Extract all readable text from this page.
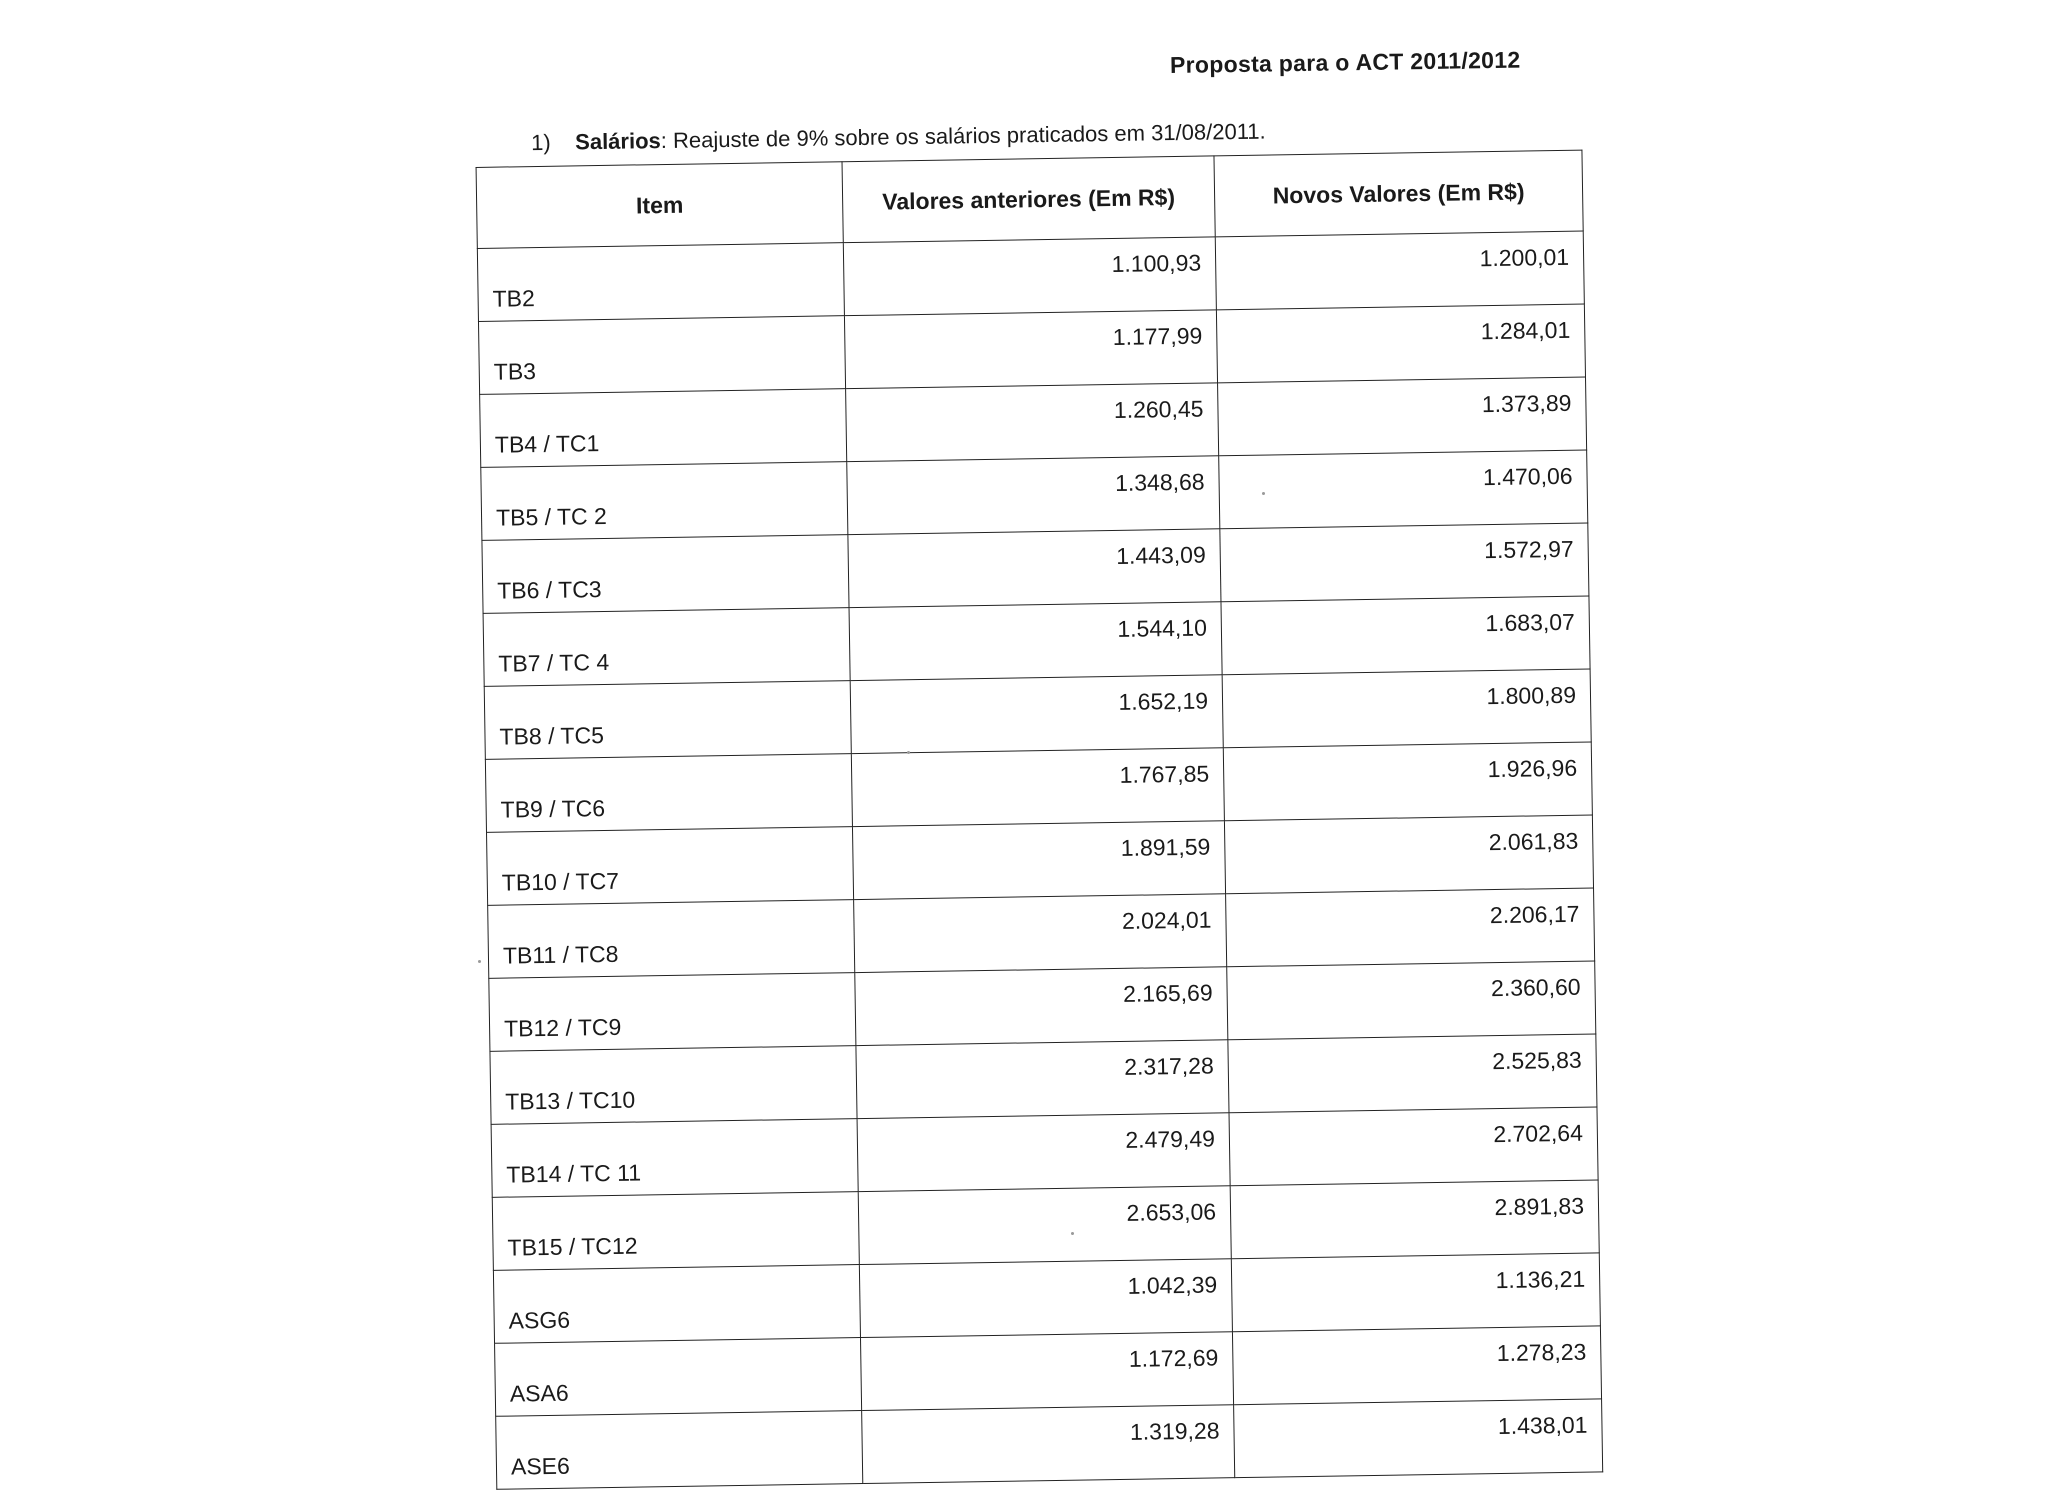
Proposta para o ACT 2011/2012
1) Salários: Reajuste de 9% sobre os salários praticados em 31/08/2011.
Item	Valores anteriores (Em R$)	Novos Valores (Em R$)
TB2	1.100,93	1.200,01
TB3	1.177,99	1.284,01
TB4 / TC1	1.260,45	1.373,89
TB5 / TC 2	1.348,68	1.470,06
TB6 / TC3	1.443,09	1.572,97
TB7 / TC 4	1.544,10	1.683,07
TB8 / TC5	1.652,19	1.800,89
TB9 / TC6	1.767,85	1.926,96
TB10 / TC7	1.891,59	2.061,83
TB11 / TC8	2.024,01	2.206,17
TB12 / TC9	2.165,69	2.360,60
TB13 / TC10	2.317,28	2.525,83
TB14 / TC 11	2.479,49	2.702,64
TB15 / TC12	2.653,06	2.891,83
ASG6	1.042,39	1.136,21
ASA6	1.172,69	1.278,23
ASE6	1.319,28	1.438,01
